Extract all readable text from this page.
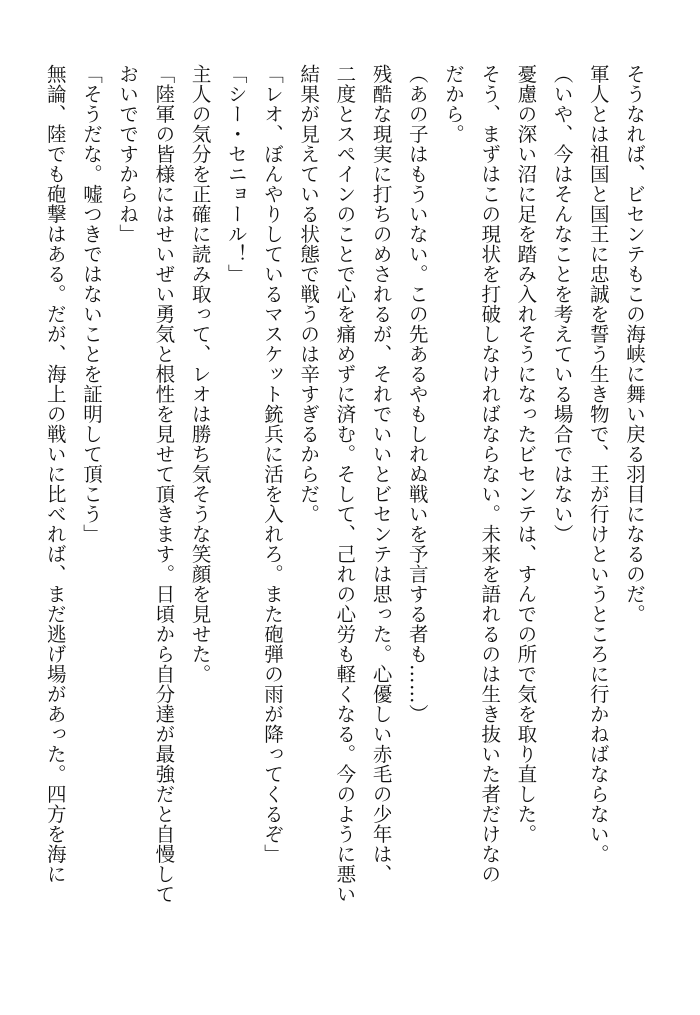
そうなれば、ビセンテもこの海峡に舞い戻る羽目になるのだ。
軍人とは祖国と国王に忠誠を誓う生き物で、王が行けというところに行かねばならない。
（いや、今はそんなことを考えている場合ではない）
憂慮の深い沼に足を踏み入れそうになったビセンテは、すんでの所で気を取り直した。
そう、まずはこの現状を打破しなければならない。未来を語れるのは生き抜いた者だけなの
だから。
（あの子はもういない。この先あるやもしれぬ戦いを予言する者も……）
残酷な現実に打ちのめされるが、それでいいとビセンテは思った。心優しい赤毛の少年は、
二度とスペインのことで心を痛めずに済む。そして、己れの心労も軽くなる。今のように悪い
結果が見えている状態で戦うのは辛すぎるからだ。
「レオ、ぼんやりしているマスケット銃兵に活を入れろ。また砲弾の雨が降ってくるぞ」
「シー・セニョール！」
主人の気分を正確に読み取って、レオは勝ち気そうな笑顔を見せた。
「陸軍の皆様にはせいぜい勇気と根性を見せて頂きます。日頃から自分達が最強だと自慢して
おいでですからね」
「そうだな。嘘つきではないことを証明して頂こう」
無論、陸でも砲撃はある。だが、海上の戦いに比べれば、まだ逃げ場があった。四方を海に
